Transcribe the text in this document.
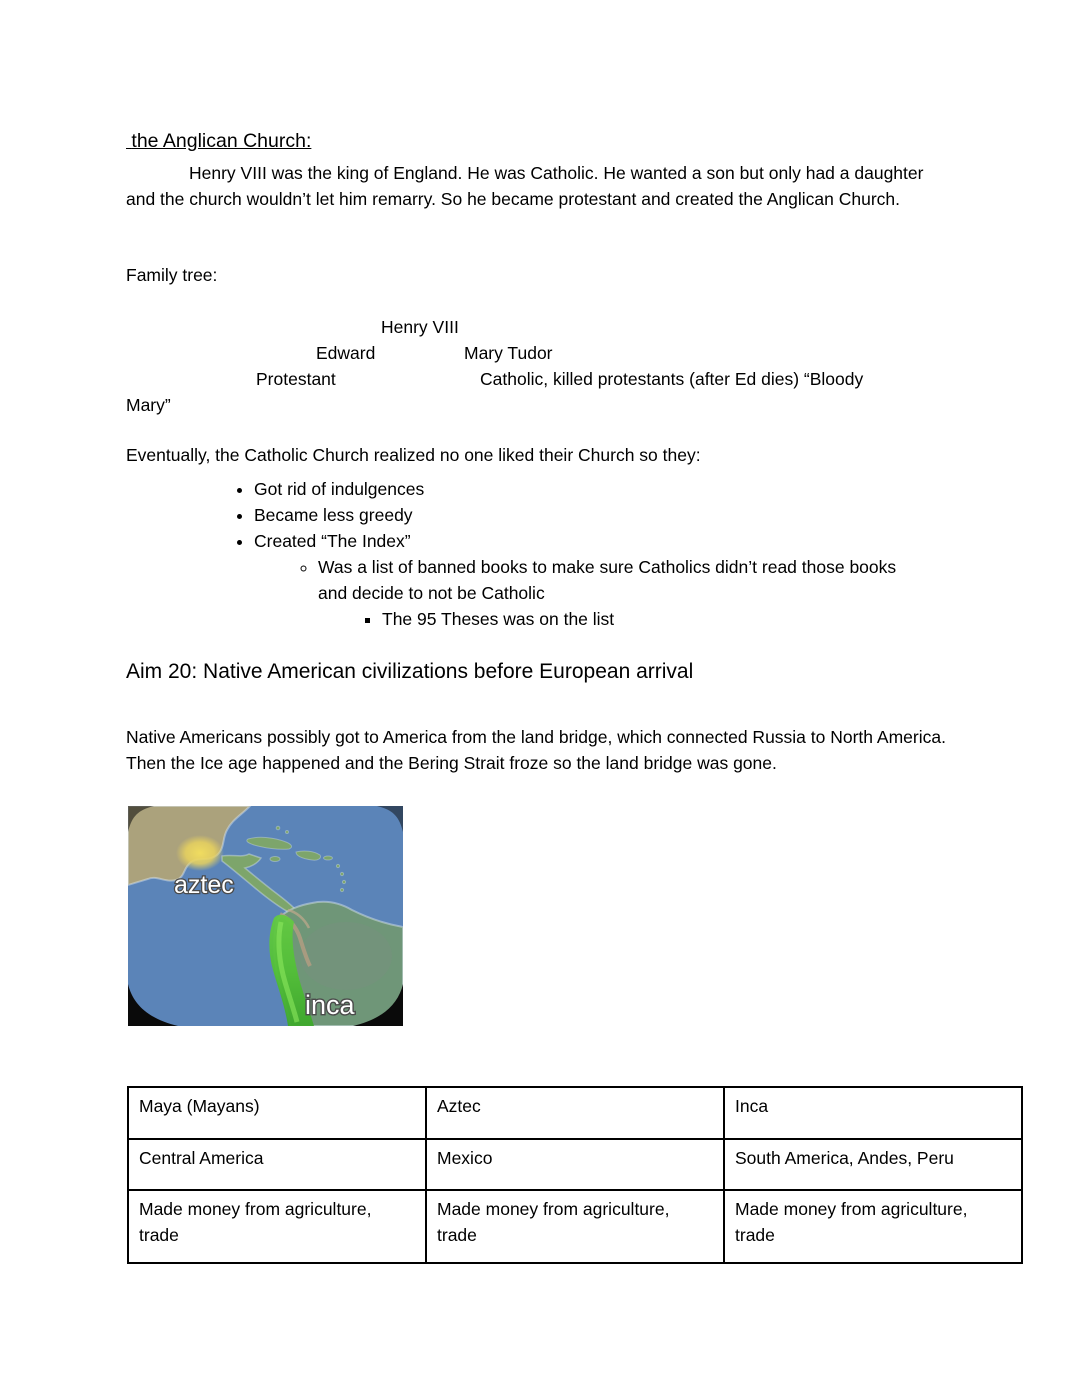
the Anglican Church:

Henry VIII was the king of England. He was Catholic. He wanted a son but only had a daughter and the church wouldn’t let him remarry. So he became protestant and created the Anglican Church.

Family tree:

Henry VIII
Edward	Mary Tudor
Protestant	Catholic, killed protestants (after Ed dies) “Bloody
Mary”

Eventually, the Catholic Church realized no one liked their Church so they:

• Got rid of indulgences
• Became less greedy
• Created “The Index”
◦ Was a list of banned books to make sure Catholics didn’t read those books and decide to not be Catholic
▪ The 95 Theses was on the list
Aim 20: Native American civilizations before European arrival

Native Americans possibly got to America from the land bridge, which connected Russia to North America. Then the Ice age happened and the Bering Strait froze so the land bridge was gone.

aztec
inca
Maya (Mayans)	Aztec	Inca
Central America	Mexico	South America, Andes, Peru
Made money from agriculture, trade	Made money from agriculture, trade	Made money from agriculture, trade
